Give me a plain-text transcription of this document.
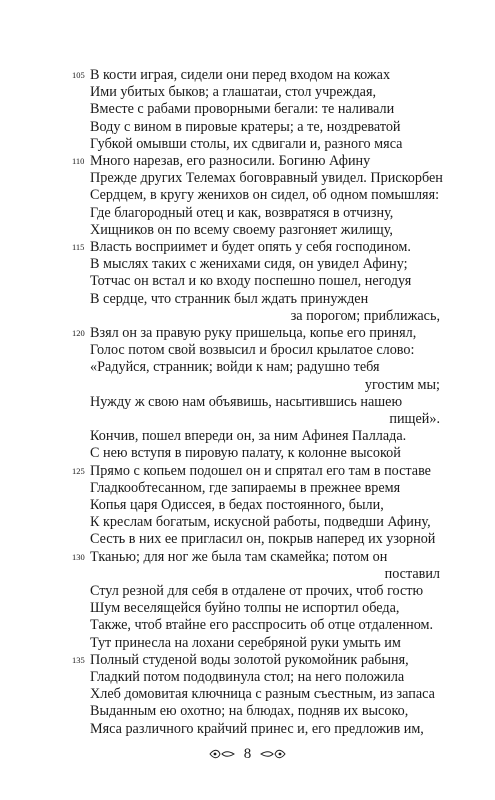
В кости играя, сидели они перед входом на кожах
Ими убитых быков; а глашатаи, стол учреждая,
Вместе с рабами проворными бегали: те наливали
Воду с вином в пировые кратеры; а те, ноздреватой
Губкой омывши столы, их сдвигали и, разного мяса
Много нарезав, его разносили. Богиню Афину
Прежде других Телемах боговравный увидел. Прискорбен
Сердцем, в кругу женихов он сидел, об одном помышляя:
Где благородный отец и как, возвратяся в отчизну,
Хищников он по всему своему разгоняет жилищу,
Власть восприимет и будет опять у себя господином.
В мыслях таких с женихами сидя, он увидел Афину;
Тотчас он встал и ко входу поспешно пошел, негодуя
В сердце, что странник был ждать принужден
за порогом; приближась,
Взял он за правую руку пришельца, копье его принял,
Голос потом свой возвысил и бросил крылатое слово:
«Радуйся, странник; войди к нам; радушно тебя
угостим мы;
Нужду ж свою нам объявишь, насытившись нашею
пищей».
Кончив, пошел впереди он, за ним Афинея Паллада.
С нею вступя в пировую палату, к колонне высокой
Прямо с копьем подошел он и спрятал его там в поставе
Гладкообтесанном, где запираемы в прежнее время
Копья царя Одиссея, в бедах постоянного, были,
К креслам богатым, искусной работы, подведши Афину,
Сесть в них ее пригласил он, покрыв наперед их узорной
Тканью; для ног же была там скамейка; потом он
поставил
Стул резной для себя в отдалене от прочих, чтоб гостю
Шум веселящейся буйно толпы не испортил обеда,
Также, чтоб втайне его расспросить об отце отдаленном.
Тут принесла на лохани серебряной руки умыть им
Полный студеной воды золотой рукомойник рабыня,
Гладкий потом пододвинула стол; на него положила
Хлеб домовитая ключница с разным съестным, из запаса
Выданным ею охотно; на блюдах, подняв их высоко,
Мяса различного крайчий принес и, его предложив им,
105
110
115
120
125
130
135
8
